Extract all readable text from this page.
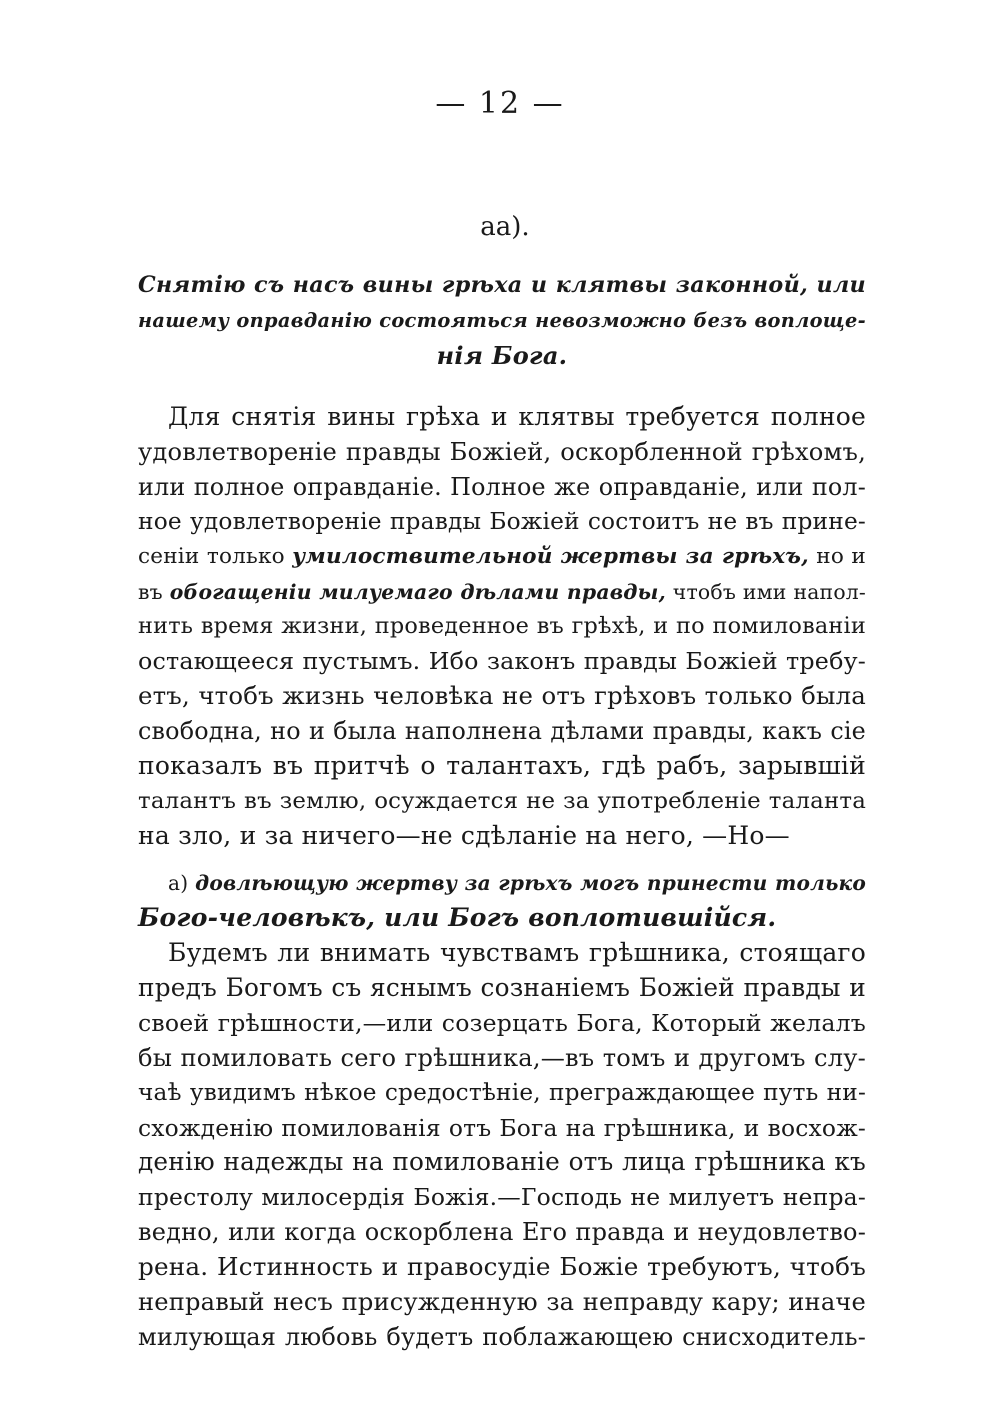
— 12 —
aa).
Снятію съ насъ вины грѣха и клятвы законной, или
нашему оправданію состояться невозможно безъ воплоще-
нія Бога.
Для снятія вины грѣха и клятвы требуется полное
удовлетвореніе правды Божіей, оскорбленной грѣхомъ,
или полное оправданіе. Полное же оправданіе, или пол-
ное удовлетвореніе правды Божіей состоитъ не въ прине-
сеніи только умилоствительной жертвы за грѣхъ, но и
въ обогащеніи милуемаго дѣлами правды, чтобъ ими напол-
нить время жизни, проведенное въ грѣхѣ, и по помилованіи
остающееся пустымъ. Ибо законъ правды Божіей требу-
етъ, чтобъ жизнь человѣка не отъ грѣховъ только была
свободна, но и была наполнена дѣлами правды, какъ сіе
показалъ въ притчѣ о талантахъ, гдѣ рабъ, зарывшій
талантъ въ землю, осуждается не за употребленіе таланта
на зло, и за ничего—не сдѣланіе на него, —Но—
а) довлѣющую жертву за грѣхъ могъ принести только
Бого-человѣкъ, или Богъ воплотившійся.
Будемъ ли внимать чувствамъ грѣшника, стоящаго
предъ Богомъ съ яснымъ сознаніемъ Божіей правды и
своей грѣшности,—или созерцать Бога, Который желалъ
бы помиловать сего грѣшника,—въ томъ и другомъ слу-
чаѣ увидимъ нѣкое средостѣніе, преграждающее путь ни-
схожденію помилованія отъ Бога на грѣшника, и восхож-
денію надежды на помилованіе отъ лица грѣшника къ
престолу милосердія Божія.—Господь не милуетъ непра-
ведно, или когда оскорблена Его правда и неудовлетво-
рена. Истинность и правосудіе Божіе требуютъ, чтобъ
неправый несъ присужденную за неправду кару; иначе
милующая любовь будетъ поблажающею снисходитель-
